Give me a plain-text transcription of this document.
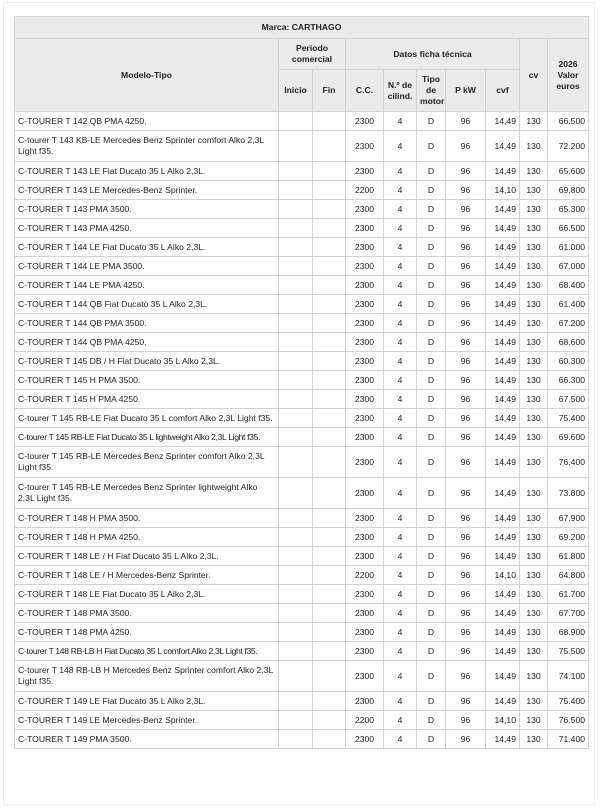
Marca: CARTHAGO									
Modelo-Tipo	Periodo comercial		Datos ficha técnica					cv	2026 Valor euros
	Inicio	Fin	C.C.	N.º de cilind.	Tipo de motor	P kW	cvf		
C-TOURER T 142 QB PMA 4250.			2300	4	D	96	14,49	130	66.500
C-tourer T 143 KB-LE Mercedes Benz Sprinter comfort Alko 2,3L Light f35.			2300	4	D	96	14,49	130	72.200
C-TOURER T 143 LE Fiat Ducato 35 L Alko 2,3L.			2300	4	D	96	14,49	130	65.600
C-TOURER T 143 LE Mercedes-Benz Sprinter.			2200	4	D	96	14,10	130	69.800
C-TOURER T 143 PMA 3500.			2300	4	D	96	14,49	130	65.300
C-TOURER T 143 PMA 4250.			2300	4	D	96	14,49	130	66.500
C-TOURER T 144 LE Fiat Ducato 35 L Alko 2,3L.			2300	4	D	96	14,49	130	61.000
C-TOURER T 144 LE PMA 3500.			2300	4	D	96	14,49	130	67.000
C-TOURER T 144 LE PMA 4250.			2300	4	D	96	14,49	130	68.400
C-TOURER T 144 QB Fiat Ducato 35 L Alko 2,3L.			2300	4	D	96	14,49	130	61.400
C-TOURER T 144 QB PMA 3500.			2300	4	D	96	14,49	130	67.200
C-TOURER T 144 QB PMA 4250.			2300	4	D	96	14,49	130	68.600
C-TOURER T 145 DB / H Fiat Ducato 35 L Alko 2,3L.			2300	4	D	96	14,49	130	60.300
C-TOURER T 145 H PMA 3500.			2300	4	D	96	14,49	130	66.300
C-TOURER T 145 H PMA 4250.			2300	4	D	96	14,49	130	67.500
C-tourer T 145 RB-LE Fiat Ducato 35 L comfort Alko 2,3L Light f35.			2300	4	D	96	14,49	130	75.400
C-tourer T 145 RB-LE Fiat Ducato 35 L lightweight Alko 2,3L Light f35.			2300	4	D	96	14,49	130	69.600
C-tourer T 145 RB-LE Mercedes Benz Sprinter comfort Alko 2,3L Light f35.			2300	4	D	96	14,49	130	76.400
C-tourer T 145 RB-LE Mercedes Benz Sprinter lightweight Alko 2,3L Light f35.			2300	4	D	96	14,49	130	73.800
C-TOURER T 148 H PMA 3500.			2300	4	D	96	14,49	130	67.900
C-TOURER T 148 H PMA 4250.			2300	4	D	96	14,49	130	69.200
C-TOURER T 148 LE / H Fiat Ducato 35 L Alko 2,3L.			2300	4	D	96	14,49	130	61.800
C-TOURER T 148 LE / H Mercedes-Benz Sprinter.			2200	4	D	96	14,10	130	64.800
C-TOURER T 148 LE Fiat Ducato 35 L Alko 2,3L.			2300	4	D	96	14,49	130	61.700
C-TOURER T 148 PMA 3500.			2300	4	D	96	14,49	130	67.700
C-TOURER T 148 PMA 4250.			2300	4	D	96	14,49	130	68.900
C-tourer T 148 RB-LB H Fiat Ducato 35 L comfort Alko 2,3L Light f35.			2300	4	D	96	14,49	130	75.500
C-tourer T 148 RB-LB H Mercedes Benz Sprinter comfort Alko 2,3L Light f35.			2300	4	D	96	14,49	130	74.100
C-TOURER T 149 LE Fiat Ducato 35 L Alko 2,3L.			2300	4	D	96	14,49	130	75.400
C-TOURER T 149 LE Mercedes-Benz Sprinter.			2200	4	D	96	14,10	130	76.500
C-TOURER T 149 PMA 3500.			2300	4	D	96	14,49	130	71.400
